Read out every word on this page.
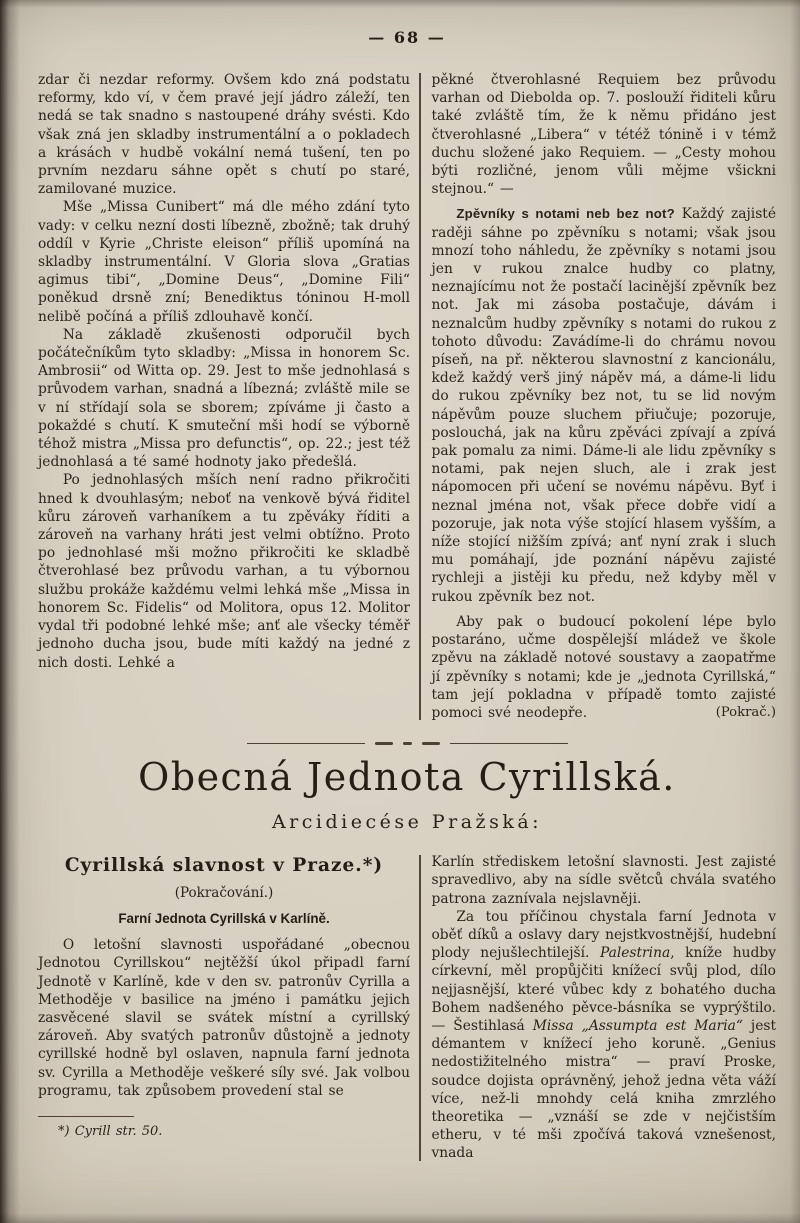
— 68 —

zdar či nezdar reformy. Ovšem kdo zná podstatu reformy, kdo ví, v čem pravé její jádro záleží, ten nedá se tak snadno s nastoupené dráhy svésti. Kdo však zná jen skladby instrumentální a o pokladech a krásách v hudbě vokální nemá tušení, ten po prvním nezdaru sáhne opět s chutí po staré, zamilované muzice.

Mše „Missa Cunibert“ má dle mého zdání tyto vady: v celku nezní dosti líbezně, zbožně; tak druhý oddíl v Kyrie „Christe eleison“ příliš upomíná na skladby instrumentální. V Gloria slova „Gratias agimus tibi“, „Domine Deus“, „Domine Fili“ poněkud drsně zní; Benediktus tóninou H-moll nelibě počíná a příliš zdlouhavě končí.

Na základě zkušenosti odporučil bych počátečníkům tyto skladby: „Missa in honorem Sc. Ambrosii“ od Witta op. 29. Jest to mše jednohlasá s průvodem varhan, snadná a líbezná; zvláště mile se v ní střídají sola se sborem; zpíváme ji často a pokaždé s chutí. K smuteční mši hodí se výborně téhož mistra „Missa pro defunctis“, op. 22.; jest též jednohlasá a té samé hodnoty jako předešlá.

Po jednohlasých mších není radno přikročiti hned k dvouhlasým; neboť na venkově bývá řiditel kůru zároveň varhaníkem a tu zpěváky říditi a zároveň na varhany hráti jest velmi obtížno. Proto po jednohlasé mši možno přikročiti ke skladbě čtverohlasé bez průvodu varhan, a tu výbornou službu prokáže každému velmi lehká mše „Missa in honorem Sc. Fidelis“ od Molitora, opus 12. Molitor vydal tři podobné lehké mše; anť ale všecky téměř jednoho ducha jsou, bude míti každý na jedné z nich dosti. Lehké a

pěkné čtverohlasné Requiem bez průvodu varhan od Diebolda op. 7. poslouží řiditeli kůru také zvláště tím, že k němu přidáno jest čtverohlasné „Libera“ v tétéž tónině i v témž duchu složené jako Requiem. — „Cesty mohou býti rozličné, jenom vůli mějme všickni stejnou.“ —

Zpěvníky s notami neb bez not? Každý zajisté raději sáhne po zpěvníku s notami; však jsou mnozí toho náhledu, že zpěvníky s notami jsou jen v rukou znalce hudby co platny, neznajícímu not že postačí lacinější zpěvník bez not. Jak mi zásoba postačuje, dávám i neznalcům hudby zpěvníky s notami do rukou z tohoto důvodu: Zavádíme-li do chrámu novou píseň, na př. některou slavnostní z kancionálu, kdež každý verš jiný nápěv má, a dáme-li lidu do rukou zpěvníky bez not, tu se lid novým nápěvům pouze sluchem přiučuje; pozoruje, poslouchá, jak na kůru zpěváci zpívají a zpívá pak pomalu za nimi. Dáme-li ale lidu zpěvníky s notami, pak nejen sluch, ale i zrak jest nápomocen při učení se novému nápěvu. Byť i neznal jména not, však přece dobře vidí a pozoruje, jak nota výše stojící hlasem vyšším, a níže stojící nižším zpívá; anť nyní zrak i sluch mu pomáhají, jde poznání nápěvu zajisté rychleji a jistěji ku předu, než kdyby měl v rukou zpěvník bez not.

Aby pak o budoucí pokolení lépe bylo postaráno, učme dospělejší mládež ve škole zpěvu na základě notové soustavy a zaopatřme jí zpěvníky s notami; kde je „jednota Cyrillská,“ tam její pokladna v případě tomto zajisté pomoci své neodepře.	(Pokrač.)

Obecná Jednota Cyrillská.
Arcidiecése Pražská:
Cyrillská slavnost v Praze.*)
(Pokračování.)
Farní Jednota Cyrillská v Karlíně.

O letošní slavnosti uspořádané „obecnou Jednotou Cyrillskou“ nejtěžší úkol připadl farní Jednotě v Karlíně, kde v den sv. patronův Cyrilla a Methoděje v basilice na jméno i památku jejich zasvěcené slavil se svátek místní a cyrillský zároveň. Aby svatých patronův důstojně a jednoty cyrillské hodně byl oslaven, napnula farní jednota sv. Cyrilla a Methoděje veškeré síly své. Jak volbou programu, tak způsobem provedení stal se

*) Cyrill str. 50.

Karlín střediskem letošní slavnosti. Jest zajisté spravedlivo, aby na sídle světců chvála svatého patrona zaznívala nejslavněji.

Za tou příčinou chystala farní Jednota v oběť díků a oslavy dary nejstkvostnější, hudební plody nejušlechtilejší. Palestrina, kníže hudby církevní, měl propůjčiti knížecí svůj plod, dílo nejjasnější, které vůbec kdy z bohatého ducha Bohem nadšeného pěvce-básníka se vyprýštilo. — Šestihlasá Missa „Assumpta est Maria“ jest démantem v knížecí jeho koruně. „Genius nedostižitelného mistra“ — praví Proske, soudce dojista oprávněný, jehož jedna věta váží více, než-li mnohdy celá kniha zmrzlého theoretika — „vznáší se zde v nejčistším etheru, v té mši zpočívá taková vznešenost, vnada
